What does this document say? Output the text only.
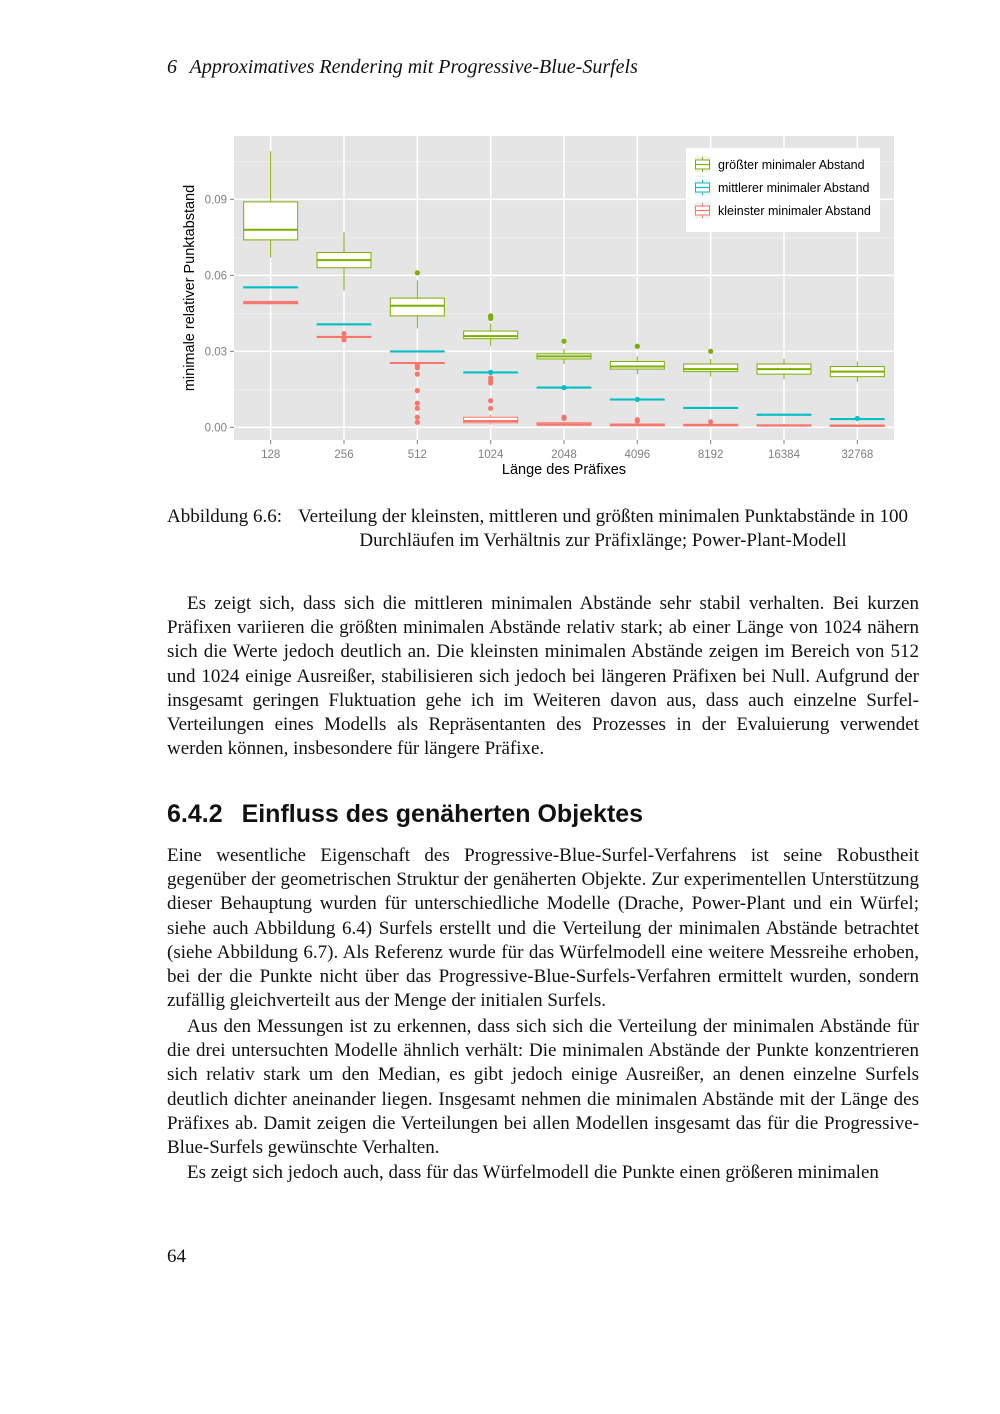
6 Approximatives Rendering mit Progressive-Blue-Surfels
0.00
0.03
0.06
0.09
128	256	512	1024	2048	4096	8192	16384	32768
Länge des Präfixes
minimale relativer Punktabstand
größter minimaler Abstand
mittlerer minimaler Abstand
kleinster minimaler Abstand
Abbildung 6.6: Verteilung der kleinsten, mittleren und größten minimalen Punktabstände in 100 Durchläufen im Verhältnis zur Präfixlänge; Power-Plant-Modell

Es zeigt sich, dass sich die mittleren minimalen Abstände sehr stabil verhalten. Bei kurzen Präfixen variieren die größten minimalen Abstände relativ stark; ab einer Länge von 1024 nähern sich die Werte jedoch deutlich an. Die kleinsten minimalen Abstände zeigen im Bereich von 512 und 1024 einige Ausreißer, stabilisieren sich jedoch bei längeren Präfixen bei Null. Aufgrund der insgesamt geringen Fluktuation gehe ich im Weiteren davon aus, dass auch einzelne Surfel-Verteilungen eines Modells als Repräsentanten des Prozesses in der Evaluierung verwendet werden können, insbesondere für längere Präfixe.

6.4.2 Einfluss des genäherten Objektes

Eine wesentliche Eigenschaft des Progressive-Blue-Surfel-Verfahrens ist seine Robustheit gegenüber der geometrischen Struktur der genäherten Objekte. Zur experimentellen Unterstützung dieser Behauptung wurden für unterschiedliche Modelle (Drache, Power-Plant und ein Würfel; siehe auch Abbildung 6.4) Surfels erstellt und die Verteilung der minimalen Abstände betrachtet (siehe Abbildung 6.7). Als Referenz wurde für das Würfelmodell eine weitere Messreihe erhoben, bei der die Punkte nicht über das Progressive-Blue-Surfels-Verfahren ermittelt wurden, sondern zufällig gleichverteilt aus der Menge der initialen Surfels.

Aus den Messungen ist zu erkennen, dass sich sich die Verteilung der minimalen Abstände für die drei untersuchten Modelle ähnlich verhält: Die minimalen Abstände der Punkte konzentrieren sich relativ stark um den Median, es gibt jedoch einige Ausreißer, an denen einzelne Surfels deutlich dichter aneinander liegen. Insgesamt nehmen die minimalen Abstände mit der Länge des Präfixes ab. Damit zeigen die Verteilungen bei allen Modellen insgesamt das für die Progressive-Blue-Surfels gewünschte Verhalten.

Es zeigt sich jedoch auch, dass für das Würfelmodell die Punkte einen größeren minimalen

64
